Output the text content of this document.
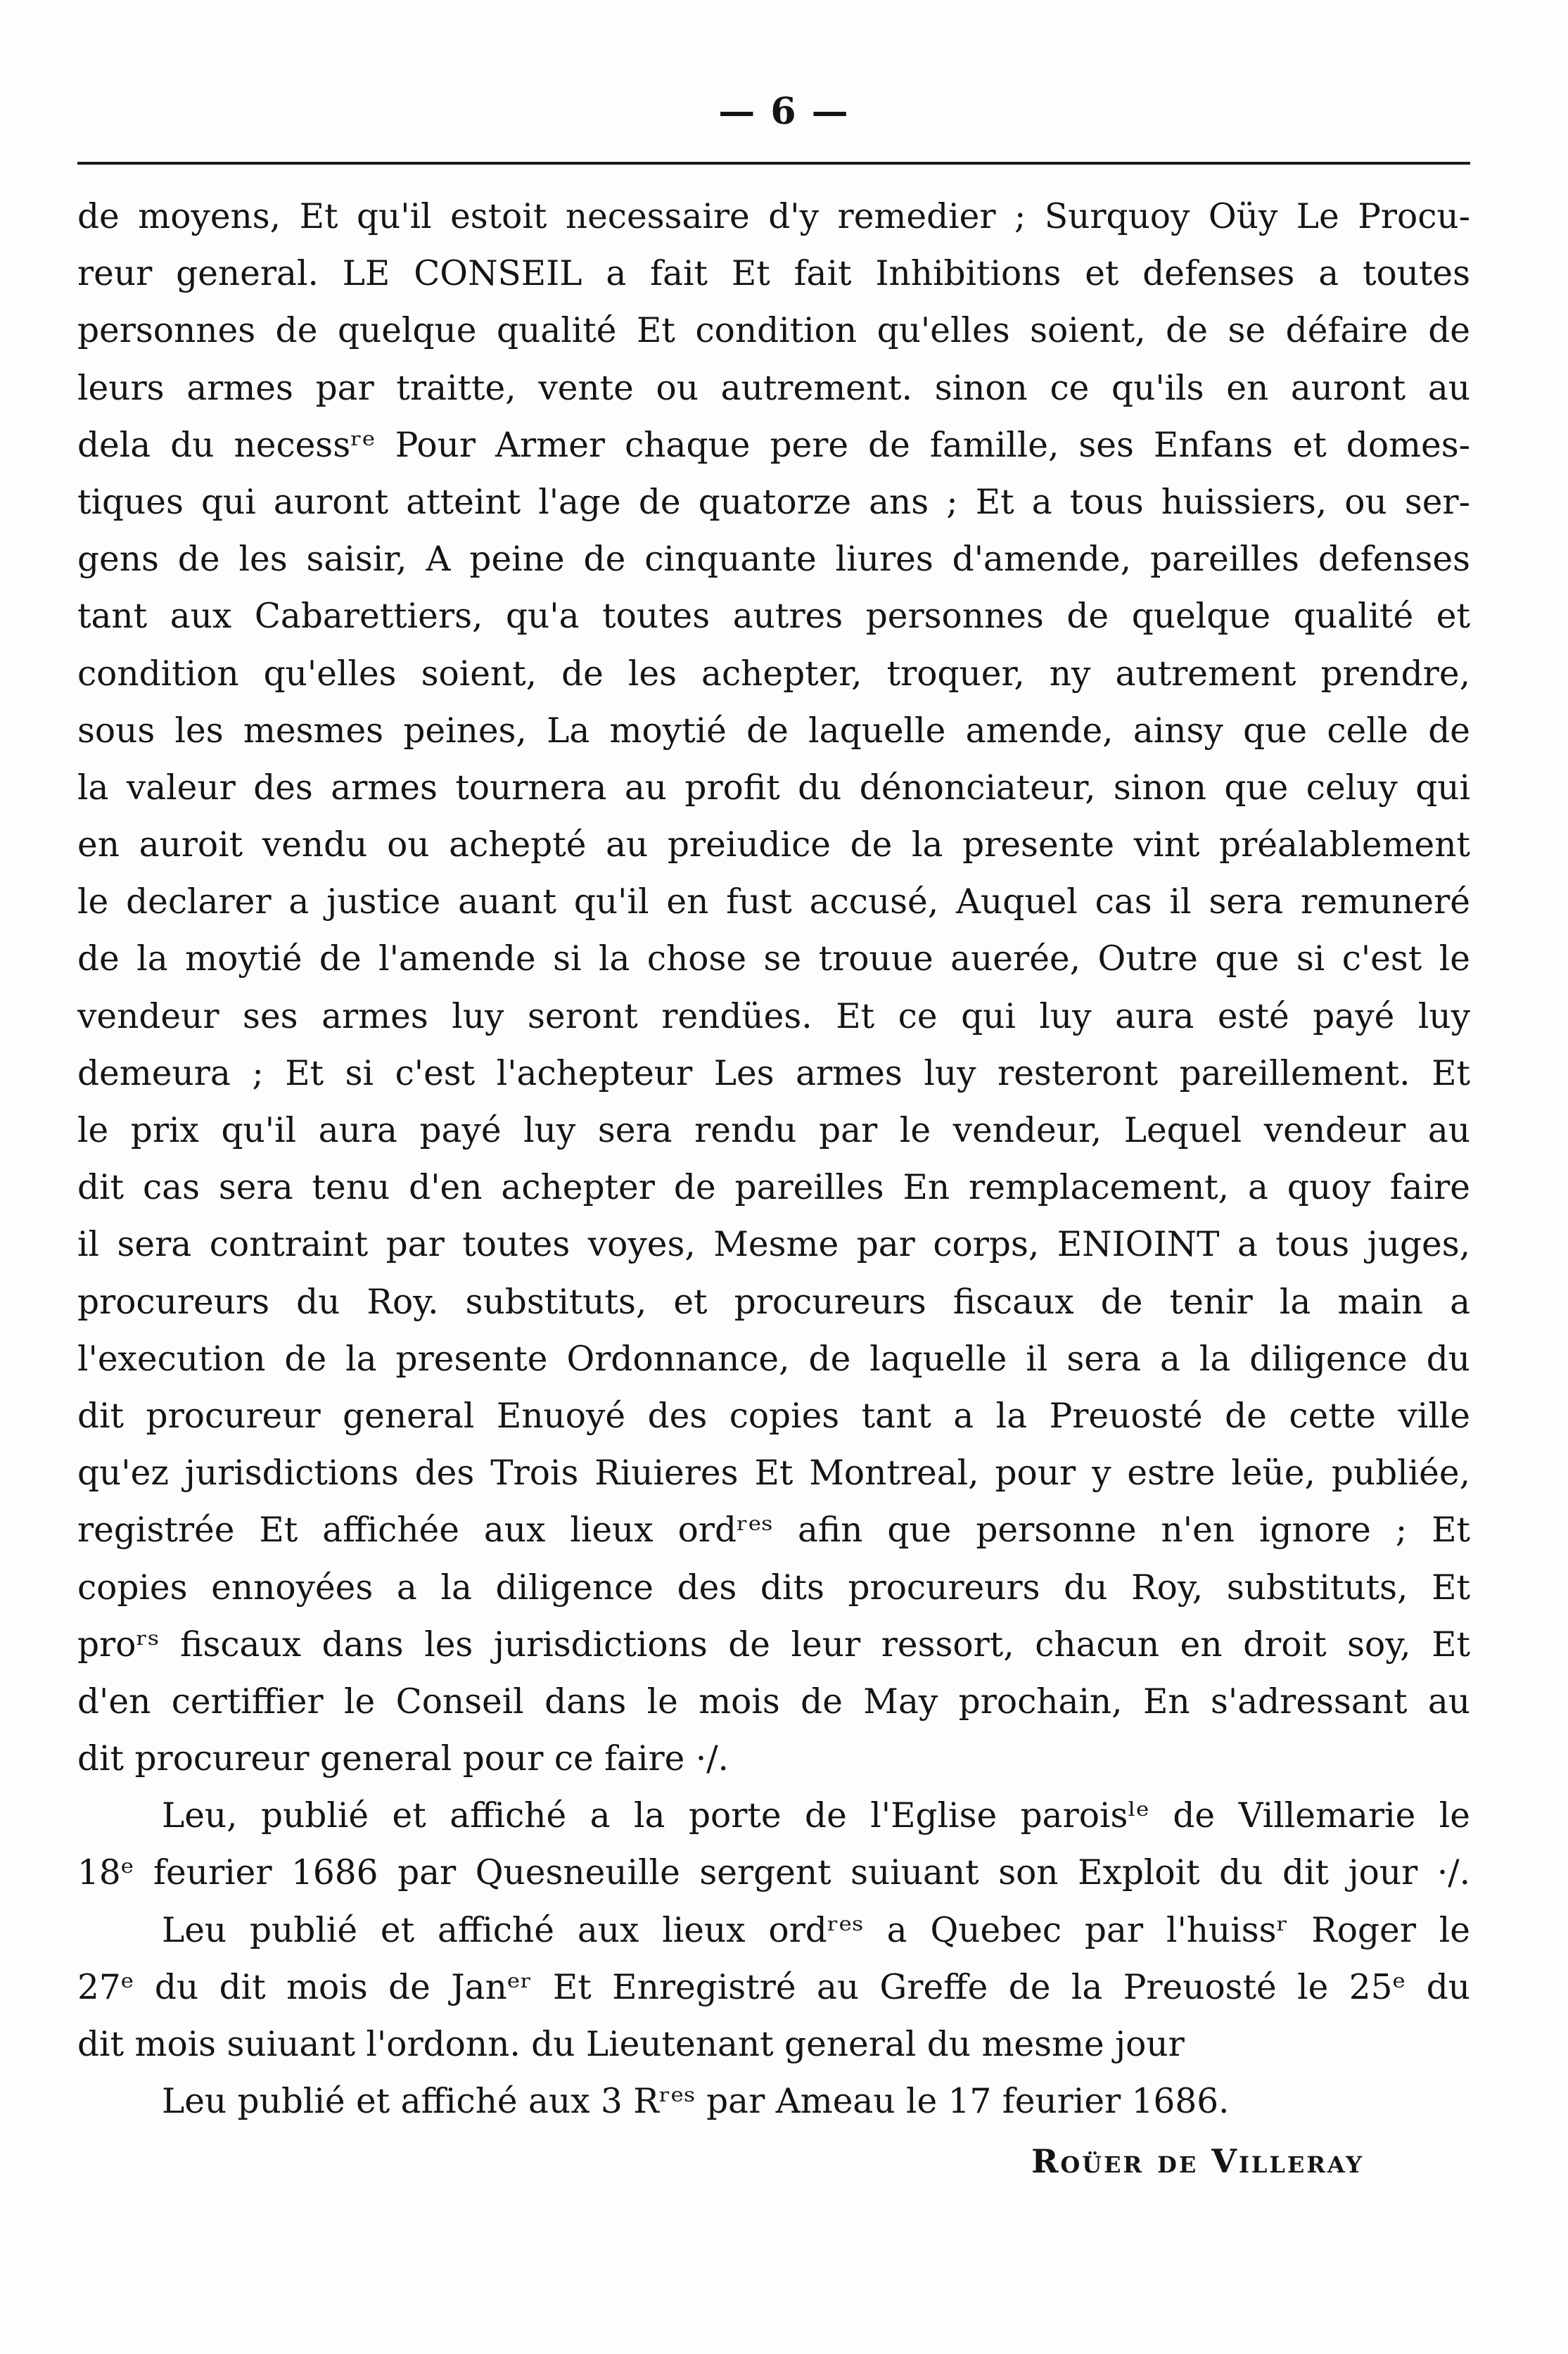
— 6 —
de moyens, Et qu'il estoit necessaire d'y remedier ; Surquoy Oüy Le Procu-
reur general. LE CONSEIL a fait Et fait Inhibitions et defenses a toutes
personnes de quelque qualité Et condition qu'elles soient, de se défaire de
leurs armes par traitte, vente ou autrement. sinon ce qu'ils en auront au
dela du necessʳᵉ Pour Armer chaque pere de famille, ses Enfans et domes-
tiques qui auront atteint l'age de quatorze ans ; Et a tous huissiers, ou ser-
gens de les saisir, A peine de cinquante liures d'amende, pareilles defenses
tant aux Cabarettiers, qu'a toutes autres personnes de quelque qualité et
condition qu'elles soient, de les achepter, troquer, ny autrement prendre,
sous les mesmes peines, La moytié de laquelle amende, ainsy que celle de
la valeur des armes tournera au profit du dénonciateur, sinon que celuy qui
en auroit vendu ou achepté au preiudice de la presente vint préalablement
le declarer a justice auant qu'il en fust accusé, Auquel cas il sera remuneré
de la moytié de l'amende si la chose se trouue auerée, Outre que si c'est le
vendeur ses armes luy seront rendües. Et ce qui luy aura esté payé luy
demeura ; Et si c'est l'achepteur Les armes luy resteront pareillement. Et
le prix qu'il aura payé luy sera rendu par le vendeur, Lequel vendeur au
dit cas sera tenu d'en achepter de pareilles En remplacement, a quoy faire
il sera contraint par toutes voyes, Mesme par corps, ENIOINT a tous juges,
procureurs du Roy. substituts, et procureurs fiscaux de tenir la main a
l'execution de la presente Ordonnance, de laquelle il sera a la diligence du
dit procureur general Enuoyé des copies tant a la Preuosté de cette ville
qu'ez jurisdictions des Trois Riuieres Et Montreal, pour y estre leüe, publiée,
registrée Et affichée aux lieux ordʳᵉˢ afin que personne n'en ignore ; Et
copies ennoyées a la diligence des dits procureurs du Roy, substituts, Et
proʳˢ fiscaux dans les jurisdictions de leur ressort, chacun en droit soy, Et
d'en certiffier le Conseil dans le mois de May prochain, En s'adressant au
dit procureur general pour ce faire ·/.
Leu, publié et affiché a la porte de l'Eglise paroisˡᵉ de Villemarie le
18ᵉ feurier 1686 par Quesneuille sergent suiuant son Exploit du dit jour ·/.
Leu publié et affiché aux lieux ordʳᵉˢ a Quebec par l'huissʳ Roger le
27ᵉ du dit mois de Janᵉʳ Et Enregistré au Greffe de la Preuosté le 25ᵉ du
dit mois suiuant l'ordonn. du Lieutenant general du mesme jour
Leu publié et affiché aux 3 Rʳᵉˢ par Ameau le 17 feurier 1686.
Roüer de Villeray
